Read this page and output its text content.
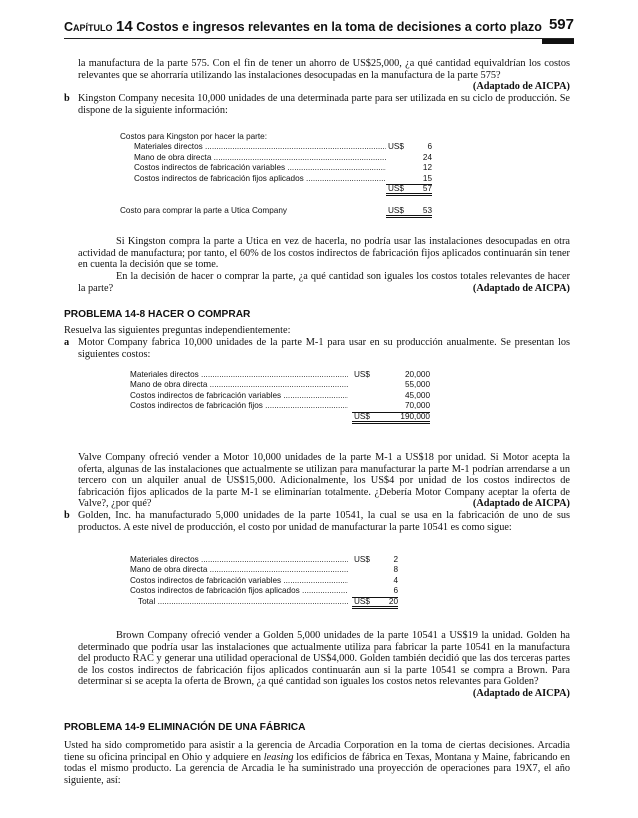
Capítulo 14 Costos e ingresos relevantes en la toma de decisiones a corto plazo 597
la manufactura de la parte 575. Con el fin de tener un ahorro de US$25,000, ¿a qué cantidad equivaldrían los costos relevantes que se ahorraría utilizando las instalaciones desocupadas en la manufactura de la parte 575?
(Adaptado de AICPA)
b Kingston Company necesita 10,000 unidades de una determinada parte para ser utilizada en su ciclo de producción. Se dispone de la siguiente información:
Costos para Kingston por hacer la parte:
Materiales directos .....	US$	6
Mano de obra directa .....	24
Costos indirectos de fabricación variables .....	12
Costos indirectos de fabricación fijos aplicados .....	15
US$ 57
Costo para comprar la parte a Utica Company	US$ 53
Si Kingston compra la parte a Utica en vez de hacerla, no podría usar las instalaciones desocupadas en otra actividad de manufactura; por tanto, el 60% de los costos indirectos de fabricación fijos aplicados continuarán sin tener en cuenta la decisión que se tome.
En la decisión de hacer o comprar la parte, ¿a qué cantidad son iguales los costos totales relevantes de hacer la parte?	(Adaptado de AICPA)
PROBLEMA 14-8 HACER O COMPRAR
Resuelva las siguientes preguntas independientemente:
a Motor Company fabrica 10,000 unidades de la parte M-1 para usar en su producción anualmente. Se presentan los siguientes costos:
Materiales directos .....	US$	20,000
Mano de obra directa .....	55,000
Costos indirectos de fabricación variables .....	45,000
Costos indirectos de fabricación fijos .....	70,000
US$	190,000
Valve Company ofreció vender a Motor 10,000 unidades de la parte M-1 a US$18 por unidad. Si Motor acepta la oferta, algunas de las instalaciones que actualmente se utilizan para manufacturar la parte M-1 podrían arrendarse a un tercero con un alquiler anual de US$15,000. Adicionalmente, los US$4 por unidad de los costos indirectos de fabricación fijos aplicados de la parte M-1 se eliminarían totalmente. ¿Debería Motor Company aceptar la oferta de Valve?, ¿por qué?	(Adaptado de AICPA)
b Golden, Inc. ha manufacturado 5,000 unidades de la parte 10541, la cual se usa en la fabricación de uno de sus productos. A este nivel de producción, el costo por unidad de manufacturar la parte 10541 es como sigue:
Materiales directos .....	US$	2
Mano de obra directa .....	8
Costos indirectos de fabricación variables .....	4
Costos indirectos de fabricación fijos aplicados .....	6
Total .....	US$ 20
Brown Company ofreció vender a Golden 5,000 unidades de la parte 10541 a US$19 la unidad. Golden ha determinado que podría usar las instalaciones que actualmente utiliza para fabricar la parte 10541 en la manufactura del producto RAC y generar una utilidad operacional de US$4,000. Golden también decidió que las dos terceras partes de los costos indirectos de fabricación fijos aplicados continuarán aun si la parte 10541 se compra a Brown. Para determinar si se acepta la oferta de Brown, ¿a qué cantidad son iguales los costos netos relevantes para Golden?
(Adaptado de AICPA)
PROBLEMA 14-9 ELIMINACIÓN DE UNA FÁBRICA
Usted ha sido comprometido para asistir a la gerencia de Arcadia Corporation en la toma de ciertas decisiones. Arcadia tiene su oficina principal en Ohio y adquiere en leasing los edificios de fábrica en Texas, Montana y Maine, fabricando en todas el mismo producto. La gerencia de Arcadia le ha suministrado una proyección de operaciones para 19X7, el año siguiente, así:
